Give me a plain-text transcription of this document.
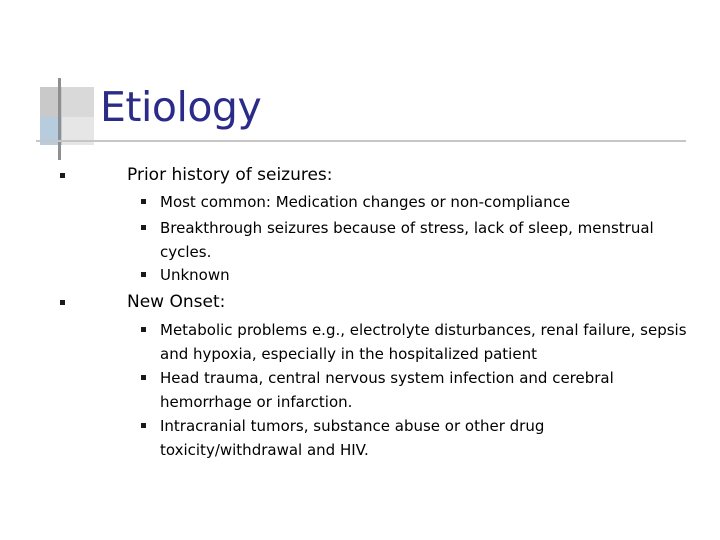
Etiology
Prior history of seizures:
Most common: Medication changes or non-compliance
Breakthrough seizures because of stress, lack of sleep, menstrual cycles.
Unknown
New Onset:
Metabolic problems e.g., electrolyte disturbances, renal failure, sepsis and hypoxia, especially in the hospitalized patient
Head trauma, central nervous system infection and cerebral hemorrhage or infarction.
Intracranial tumors, substance abuse or other drug toxicity/withdrawal and HIV.
